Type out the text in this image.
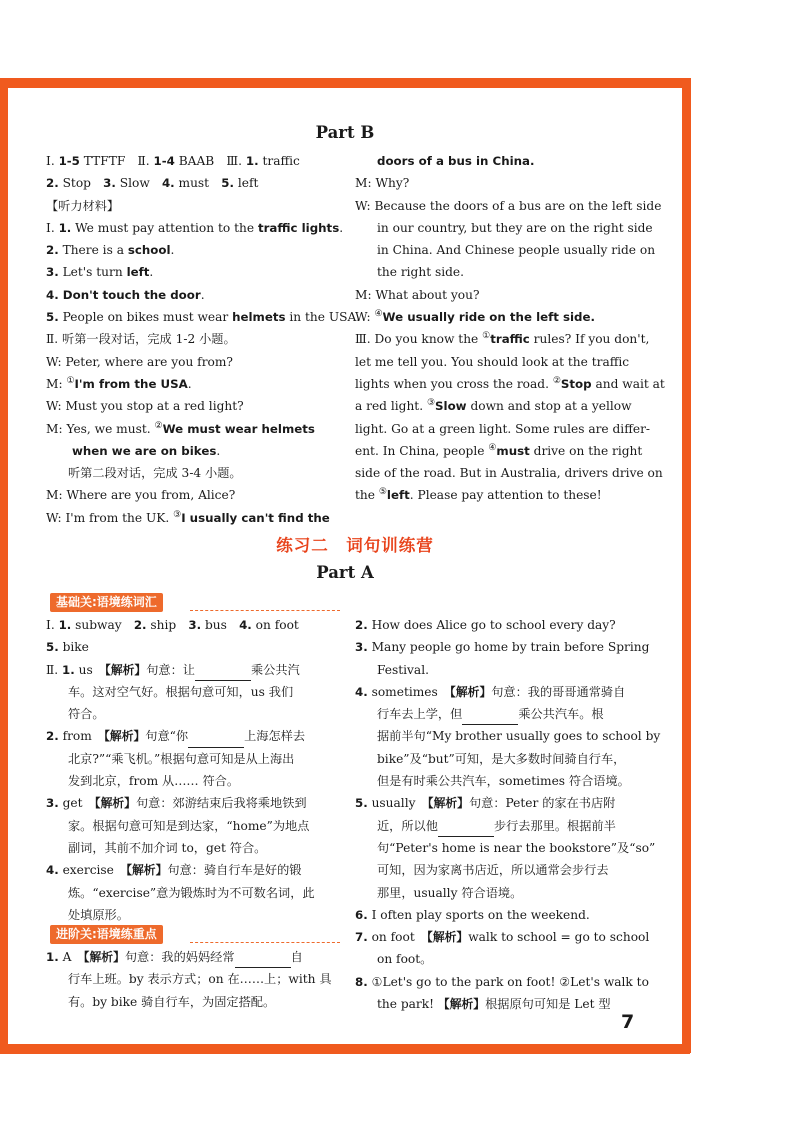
Part B
Ⅰ. 1-5 TTFTF　Ⅱ. 1-4 BAAB　Ⅲ. 1. traffic
2. Stop　3. Slow　4. must　5. left
【听力材料】
Ⅰ. 1. We must pay attention to the traffic lights.
2. There is a school.
3. Let's turn left.
4. Don't touch the door.
5. People on bikes must wear helmets in the USA.
Ⅱ. 听第一段对话，完成 1-2 小题。
W: Peter, where are you from?
M: ①I'm from the USA.
W: Must you stop at a red light?
M: Yes, we must. ②We must wear helmets
when we are on bikes.
听第二段对话，完成 3-4 小题。
M: Where are you from, Alice?
W: I'm from the UK. ③I usually can't find the
doors of a bus in China.
M: Why?
W: Because the doors of a bus are on the left side
in our country, but they are on the right side
in China. And Chinese people usually ride on
the right side.
M: What about you?
W: ④We usually ride on the left side.
Ⅲ. Do you know the ①traffic rules? If you don't,
let me tell you. You should look at the traffic
lights when you cross the road. ②Stop and wait at
a red light. ③Slow down and stop at a yellow
light. Go at a green light. Some rules are differ-
ent. In China, people ④must drive on the right
side of the road. But in Australia, drivers drive on
the ⑤left. Please pay attention to these!
练习二　词句训练营
Part A
基础关:语境练词汇
进阶关:语境练重点
Ⅰ. 1. subway　2. ship　3. bus　4. on foot
5. bike
Ⅱ. 1. us　【解析】句意：让	乘公共汽
车。这对空气好。根据句意可知，us 我们
符合。
2. from　【解析】句意“你	上海怎样去
北京?”“乘飞机。”根据句意可知是从上海出
发到北京，from 从…… 符合。
3. get　【解析】句意：郊游结束后我将乘地铁到
家。根据句意可知是到达家，“home”为地点
副词，其前不加介词 to，get 符合。
4. exercise　【解析】句意：骑自行车是好的锻
炼。“exercise”意为锻炼时为不可数名词，此
处填原形。
1. A　【解析】句意：我的妈妈经常	自
行车上班。by 表示方式；on 在……上；with 具
有。by bike 骑自行车，为固定搭配。
2. How does Alice go to school every day?
3. Many people go home by train before Spring
Festival.
4. sometimes　【解析】句意：我的哥哥通常骑自
行车去上学，但	乘公共汽车。根
据前半句“My brother usually goes to school by
bike”及“but”可知，是大多数时间骑自行车，
但是有时乘公共汽车，sometimes 符合语境。
5. usually　【解析】句意：Peter 的家在书店附
近，所以他	步行去那里。根据前半
句“Peter's home is near the bookstore”及“so”
可知，因为家离书店近，所以通常会步行去
那里，usually 符合语境。
6. I often play sports on the weekend.
7. on foot　【解析】walk to school = go to school
on foot。
8. ①Let's go to the park on foot! ②Let's walk to
the park! 【解析】根据原句可知是 Let 型
7
